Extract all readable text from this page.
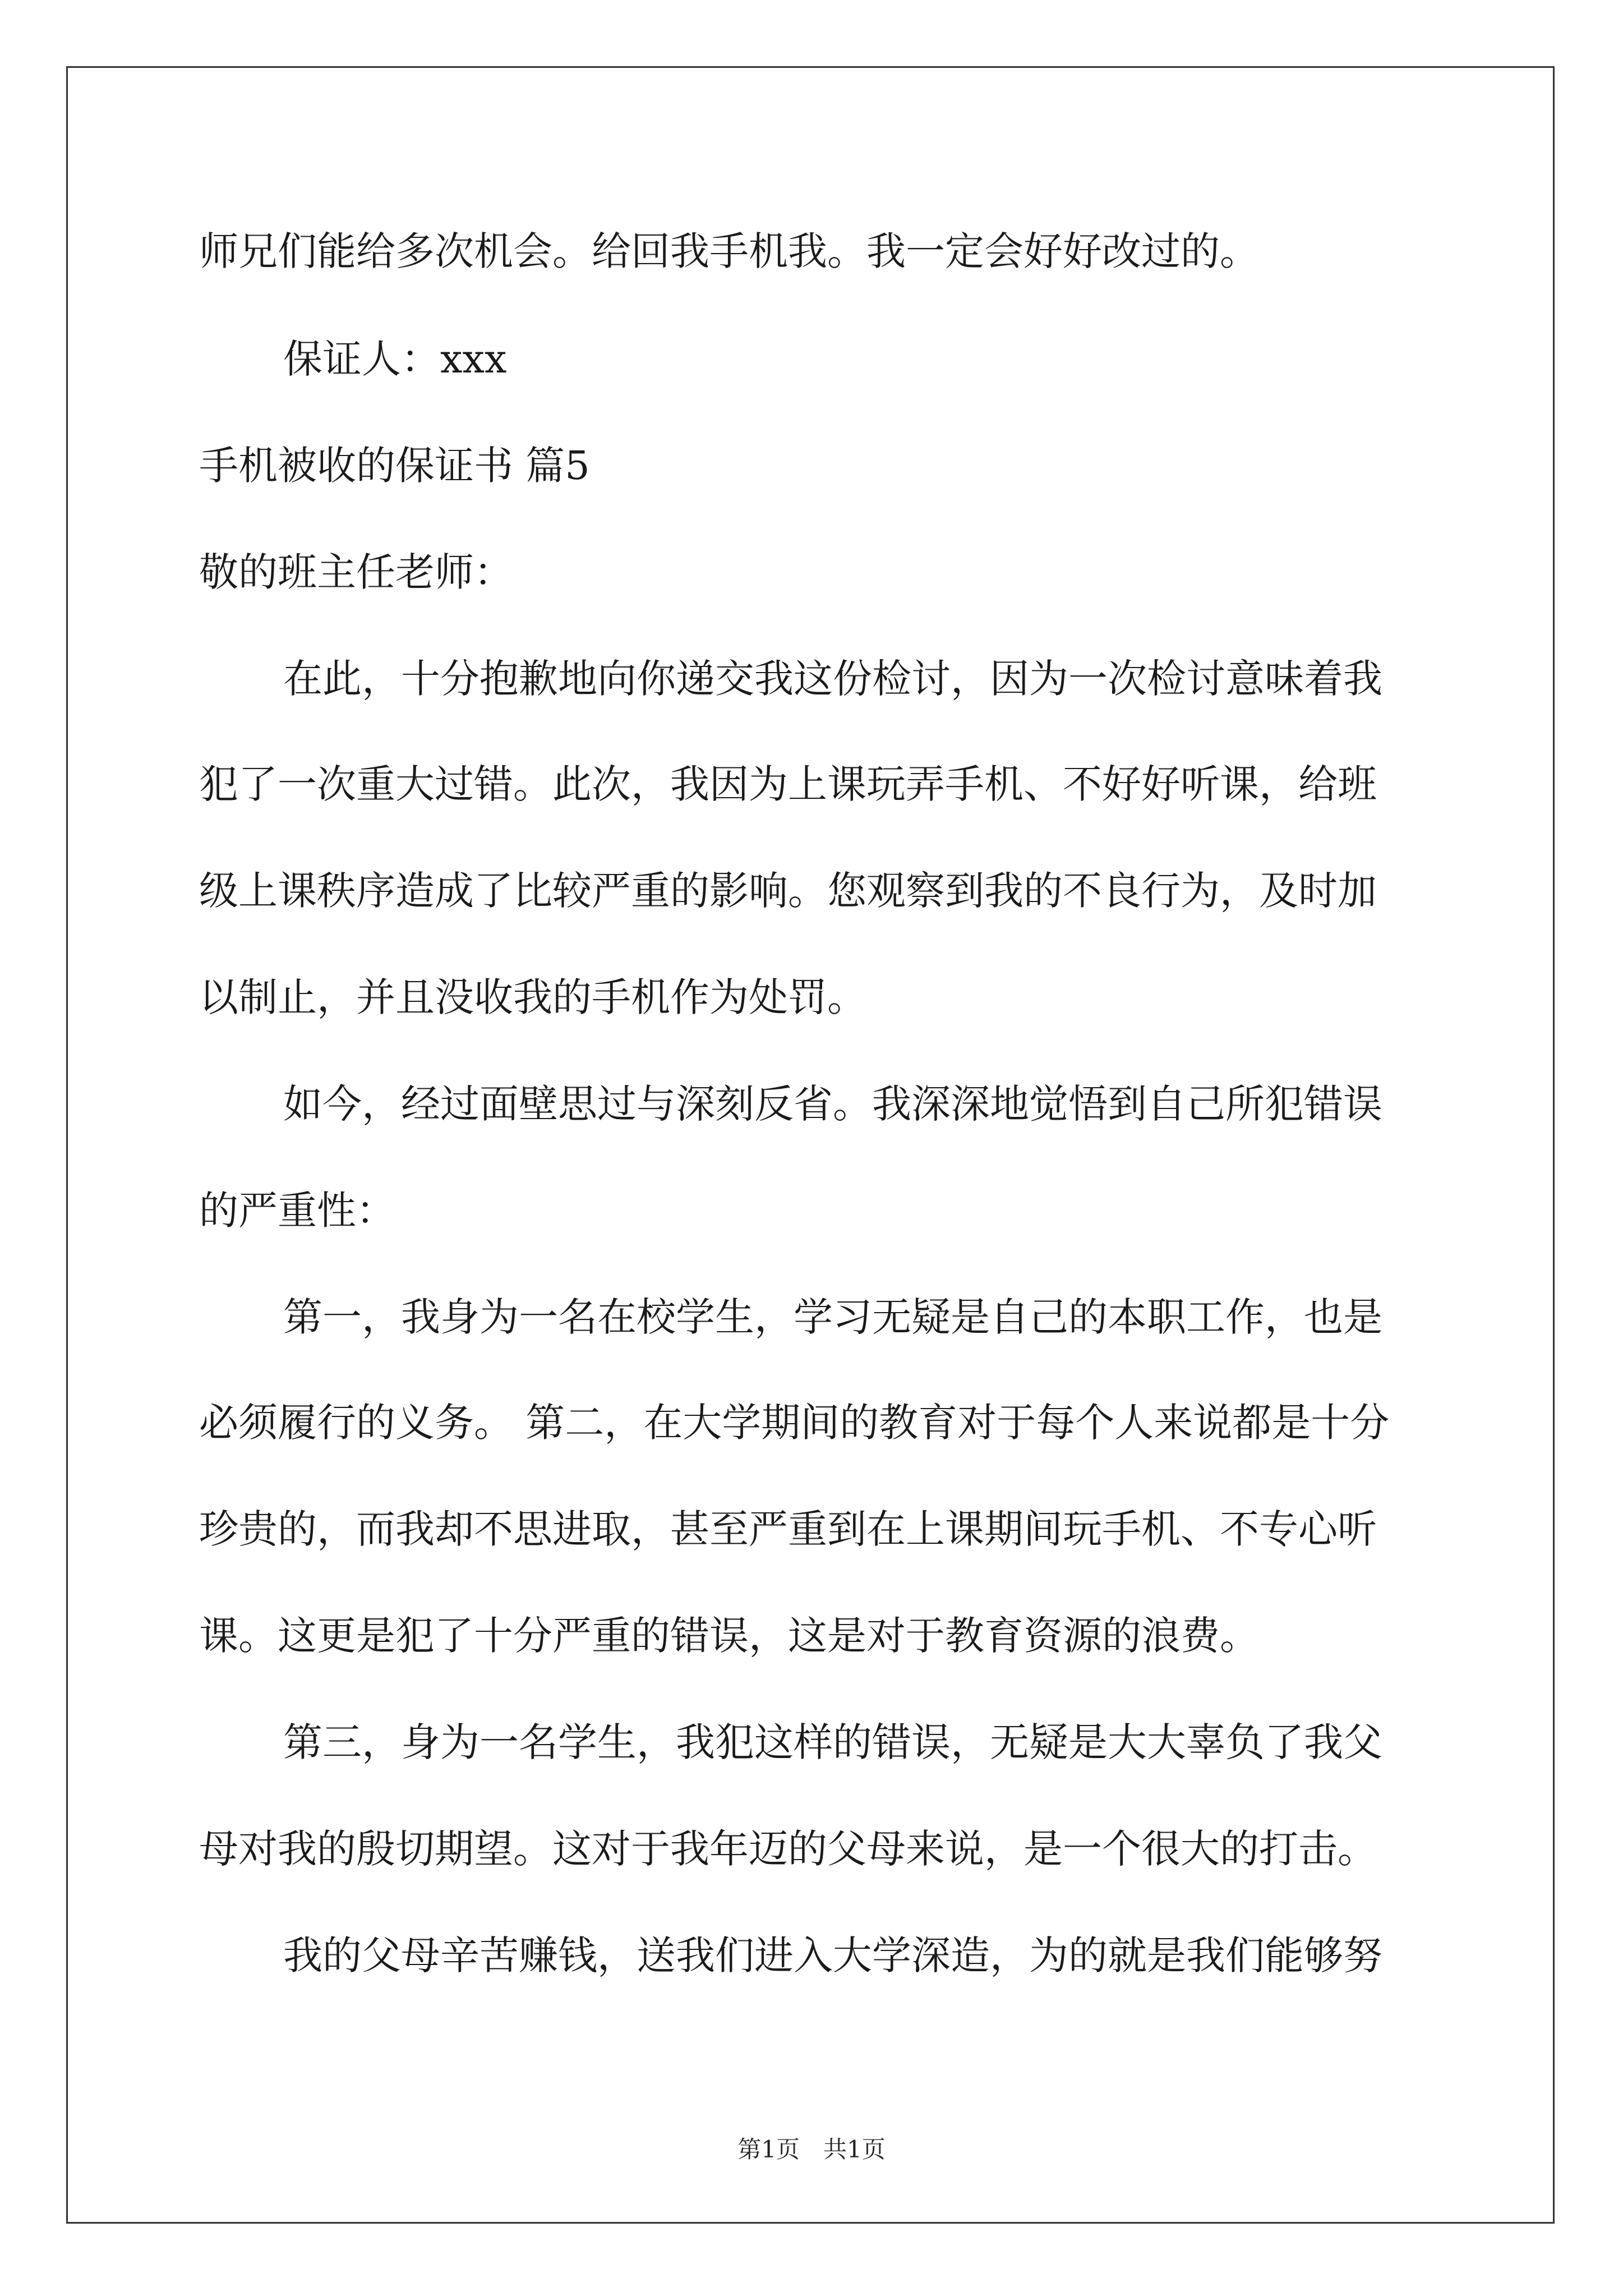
师兄们能给多次机会。给回我手机我。我一定会好好改过的。
保证人：xxx
手机被收的保证书 篇5
敬的班主任老师：
在此，十分抱歉地向你递交我这份检讨，因为一次检讨意味着我
犯了一次重大过错。此次，我因为上课玩弄手机、不好好听课，给班
级上课秩序造成了比较严重的影响。您观察到我的不良行为，及时加
以制止，并且没收我的手机作为处罚。
如今，经过面壁思过与深刻反省。我深深地觉悟到自己所犯错误
的严重性：
第一，我身为一名在校学生，学习无疑是自己的本职工作，也是
必须履行的义务。 第二，在大学期间的教育对于每个人来说都是十分
珍贵的，而我却不思进取，甚至严重到在上课期间玩手机、不专心听
课。这更是犯了十分严重的错误，这是对于教育资源的浪费。
第三，身为一名学生，我犯这样的错误，无疑是大大辜负了我父
母对我的殷切期望。这对于我年迈的父母来说，是一个很大的打击。
我的父母辛苦赚钱，送我们进入大学深造，为的就是我们能够努
第1页　共1页
